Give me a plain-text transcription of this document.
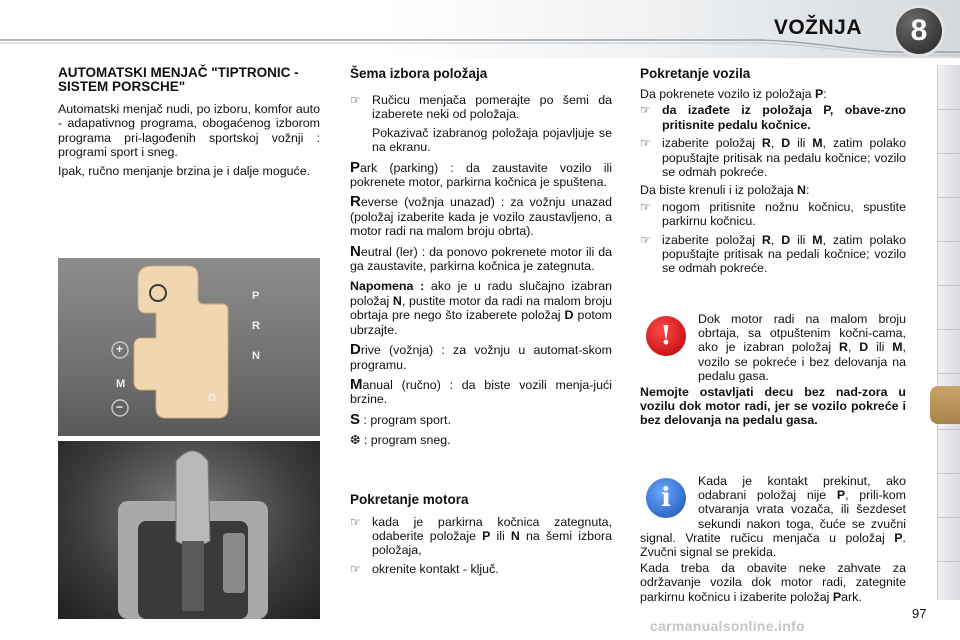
VOŽNJA	8
AUTOMATSKI MENJAČ "TIPTRONIC - SISTEM PORSCHE"

Automatski menjač nudi, po izboru, komfor auto - adapativnog programa, obogaćenog izborom programa pri-lagođenih sportskoj vožnji : programi sport i sneg.

Ipak, ručno menjanje brzina je i dalje moguće.

P
R
N
D
M
+
−
Šema izbora položaja
☞ Ručicu menjača pomerajte po šemi da izaberete neki od položaja.

Pokazivač izabranog položaja pojavljuje se na ekranu.

Park (parking) : da zaustavite vozilo ili pokrenete motor, parkirna kočnica je spuštena.

Reverse (vožnja unazad) : za vožnju unazad (položaj izaberite kada je vozilo zaustavljeno, a motor radi na malom broju obrta).

Neutral (ler) : da ponovo pokrenete motor ili da ga zaustavite, parkirna kočnica je zategnuta.

Napomena : ako je u radu slučajno izabran položaj N, pustite motor da radi na malom broju obrtaja pre nego što izaberete položaj D potom ubrzajte.

Drive (vožnja) : za vožnju u automat-skom programu.

Manual (ručno) : da biste vozili menja-jući brzine.

S : program sport.

❆ : program sneg.

Pokretanje motora
☞ kada je parkirna kočnica zategnuta, odaberite položaje P ili N na šemi izbora položaja,

☞ okrenite kontakt - ključ.

Pokretanje vozila

Da pokrenete vozilo iz položaja P:

☞ da izađete iz položaja P, obave-zno pritisnite pedalu kočnice.

☞ izaberite položaj R, D ili M, zatim polako popuštajte pritisak na pedalu kočnice; vozilo se odmah pokreće.

Da biste krenuli i iz položaja N:

☞ nogom pritisnite nožnu kočnicu, spustite parkirnu kočnicu.

☞ izaberite položaj R, D ili M, zatim polako popuštajte pritisak na pedali kočnice; vozilo se odmah pokreće.

!

Dok motor radi na malom broju obrtaja, sa otpuštenim kočni-cama, ako je izabran položaj R, D ili M, vozilo se pokreće i bez delovanja na pedalu gasa.

Nemojte ostavljati decu bez nad-zora u vozilu dok motor radi, jer se vozilo pokreće i bez delovanja na pedalu gasa.

i

Kada je kontakt prekinut, ako odabrani položaj nije P, prili-kom otvaranja vrata vozača, ili šezdeset sekundi nakon toga, čuće se zvučni signal. Vratite ručicu menjača u položaj P. Zvučni signal se prekida.

Kada treba da obavite neke zahvate za održavanje vozila dok motor radi, zategnite parkirnu kočnicu i izaberite položaj Park.

97
carmanualsonline.info
